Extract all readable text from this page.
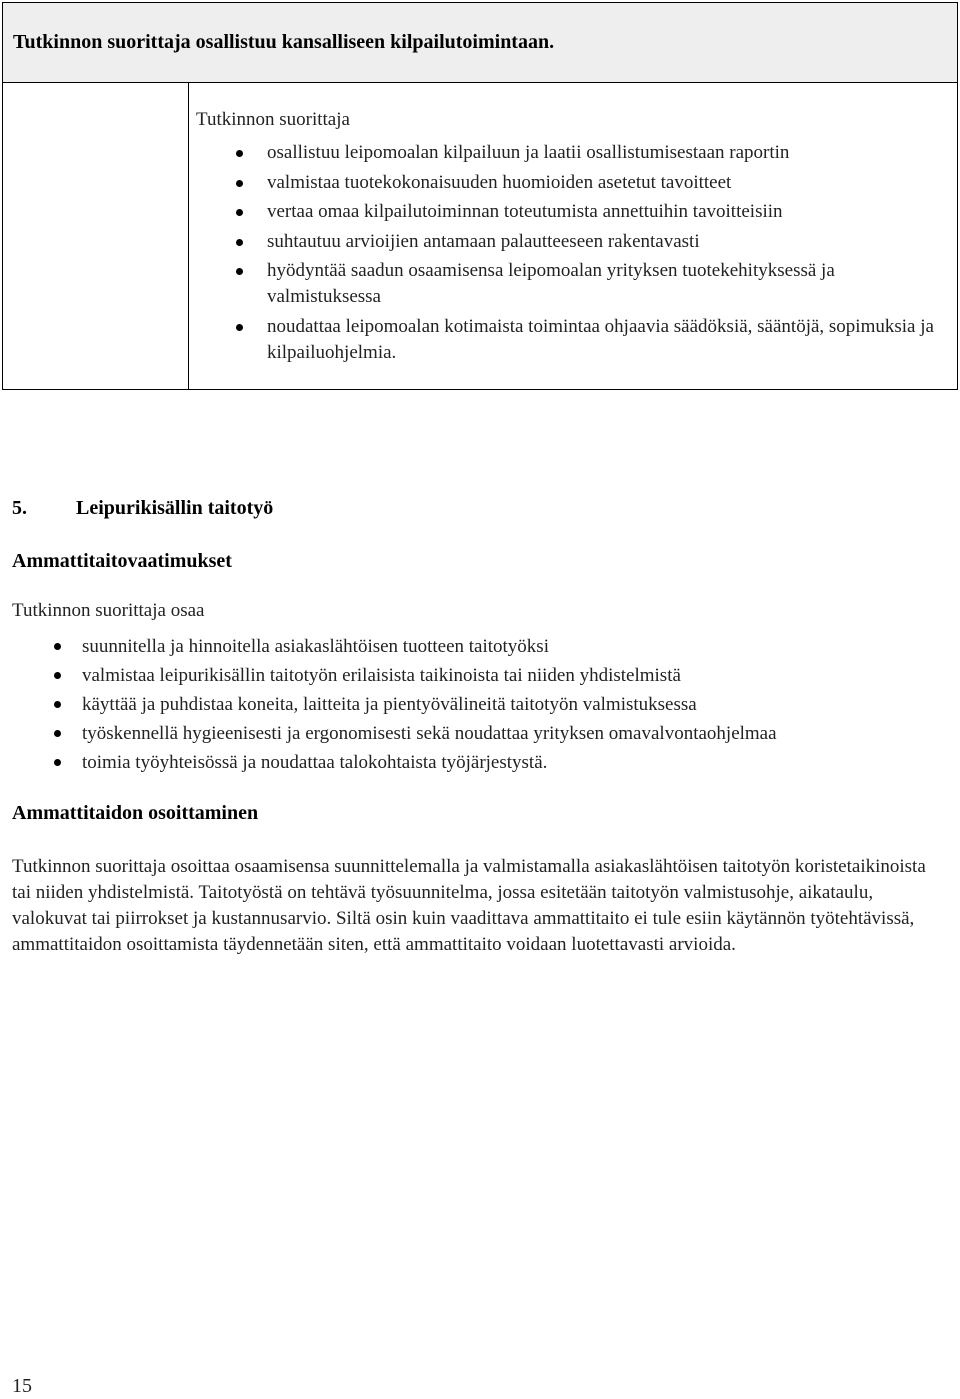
Tutkinnon suorittaja osallistuu kansalliseen kilpailutoimintaan.
Tutkinnon suorittaja
osallistuu leipomoalan kilpailuun ja laatii osallistumisestaan raportin
valmistaa tuotekokonaisuuden huomioiden asetetut tavoitteet
vertaa omaa kilpailutoiminnan toteutumista annettuihin tavoitteisiin
suhtautuu arvioijien antamaan palautteeseen rakentavasti
hyödyntää saadun osaamisensa leipomoalan yrityksen tuotekehityksessä ja valmistuksessa
noudattaa leipomoalan kotimaista toimintaa ohjaavia säädöksiä, sääntöjä, sopimuksia ja kilpailuohjelmia.
5. Leipurikisällin taitotyö
Ammattitaitovaatimukset
Tutkinnon suorittaja osaa
suunnitella ja hinnoitella asiakaslähtöisen tuotteen taitotyöksi
valmistaa leipurikisällin taitotyön erilaisista taikinoista tai niiden yhdistelmistä
käyttää ja puhdistaa koneita, laitteita ja pientyövälineitä taitotyön valmistuksessa
työskennellä hygieenisesti ja ergonomisesti sekä noudattaa yrityksen omavalvontaohjelmaa
toimia työyhteisössä ja noudattaa talokohtaista työjärjestystä.
Ammattitaidon osoittaminen

Tutkinnon suorittaja osoittaa osaamisensa suunnittelemalla ja valmistamalla asiakaslähtöisen taitotyön koristetaikinoista tai niiden yhdistelmistä. Taitotyöstä on tehtävä työsuunnitelma, jossa esitetään taitotyön valmistusohje, aikataulu, valokuvat tai piirrokset ja kustannusarvio. Siltä osin kuin vaadittava ammattitaito ei tule esiin käytännön työtehtävissä, ammattitaidon osoittamista täydennetään siten, että ammattitaito voidaan luotettavasti arvioida.

15
